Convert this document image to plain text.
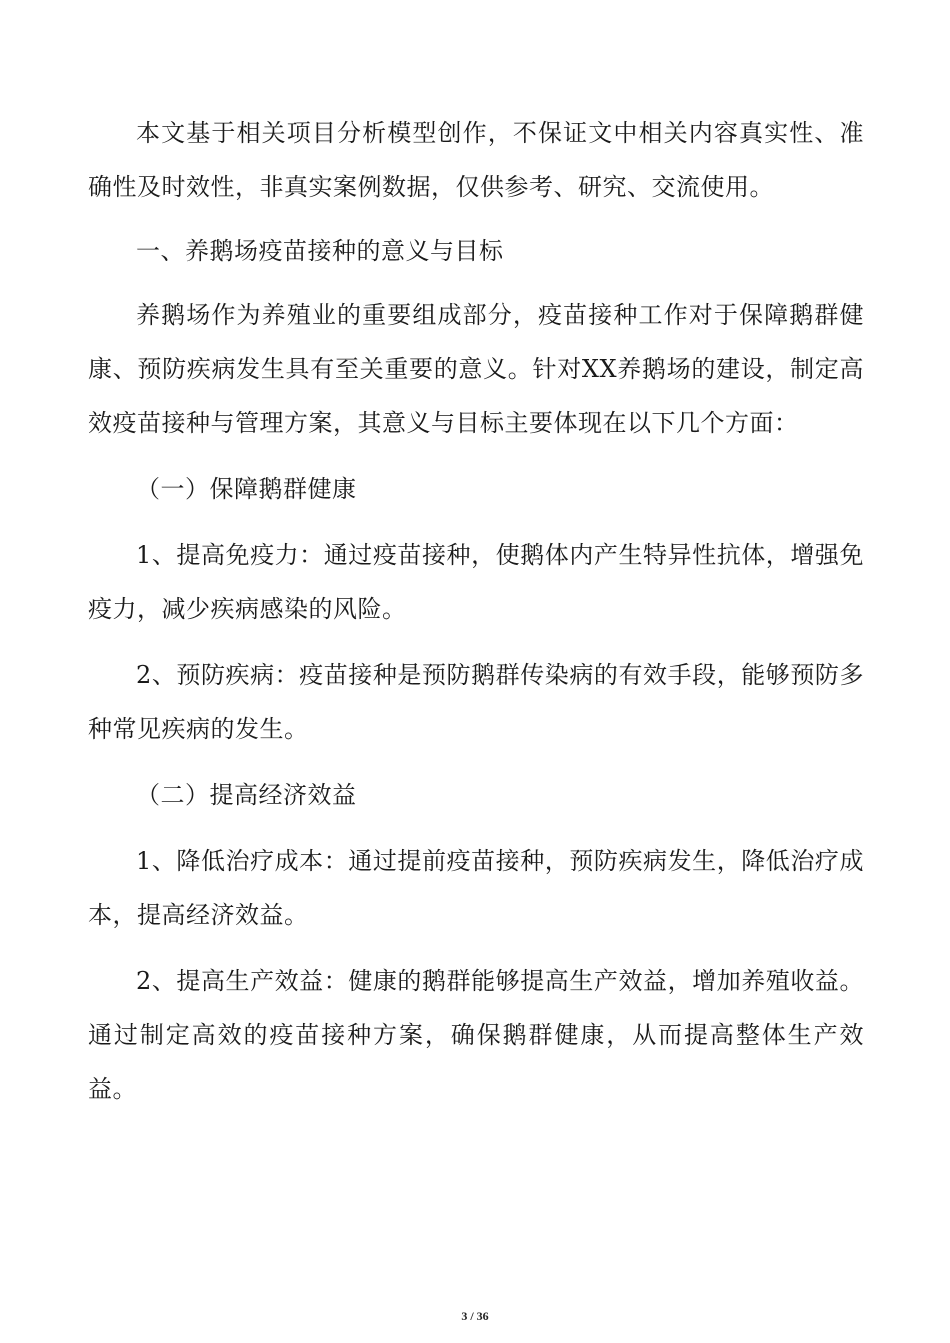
本文基于相关项目分析模型创作，不保证文中相关内容真实性、准确性及时效性，非真实案例数据，仅供参考、研究、交流使用。

一、养鹅场疫苗接种的意义与目标

养鹅场作为养殖业的重要组成部分，疫苗接种工作对于保障鹅群健康、预防疾病发生具有至关重要的意义。针对XX养鹅场的建设，制定高效疫苗接种与管理方案，其意义与目标主要体现在以下几个方面：

（一）保障鹅群健康

1、提高免疫力：通过疫苗接种，使鹅体内产生特异性抗体，增强免疫力，减少疾病感染的风险。

2、预防疾病：疫苗接种是预防鹅群传染病的有效手段，能够预防多种常见疾病的发生。

（二）提高经济效益

1、降低治疗成本：通过提前疫苗接种，预防疾病发生，降低治疗成本，提高经济效益。

2、提高生产效益：健康的鹅群能够提高生产效益，增加养殖收益。通过制定高效的疫苗接种方案，确保鹅群健康，从而提高整体生产效益。

3 / 36
